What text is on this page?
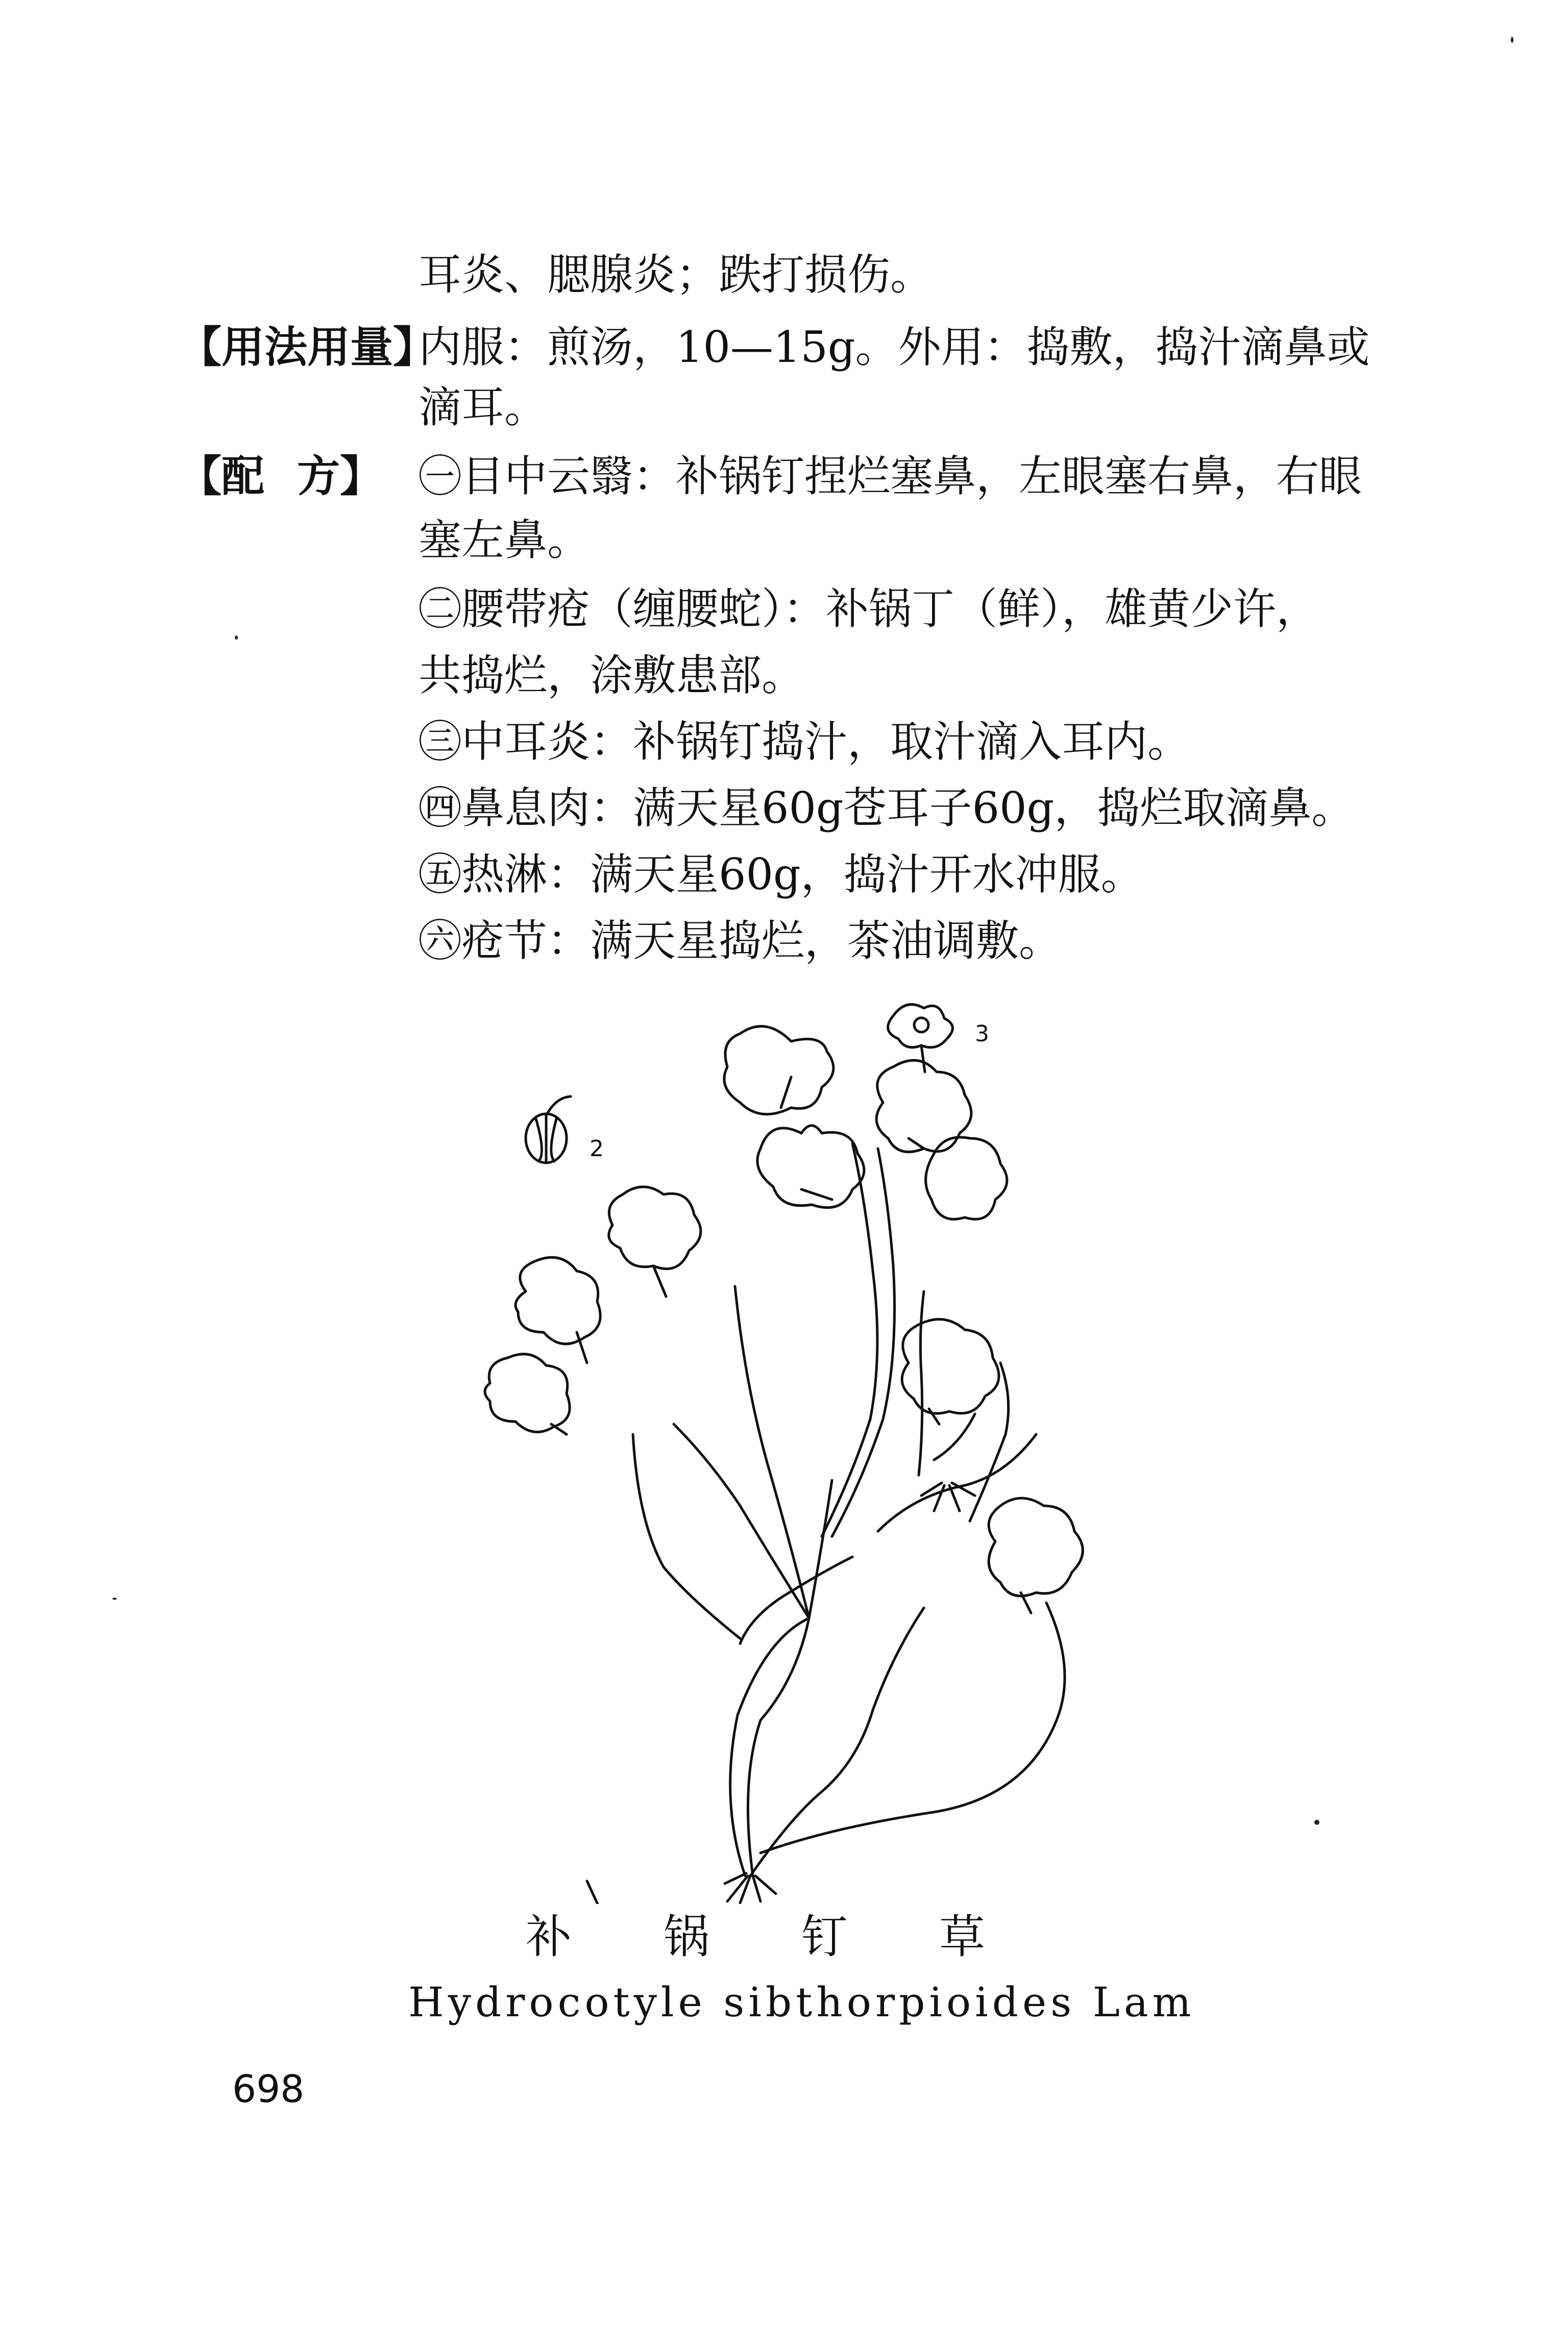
耳炎、腮腺炎；跌打损伤。
【用法用量】
内服：煎汤，10—15g。外用：捣敷，捣汁滴鼻或
滴耳。
【配 方】 ㊀目中云翳：补锅钉捏烂塞鼻，左眼塞右鼻，右眼
塞左鼻。
㊁腰带疮（缠腰蛇）：补锅丁（鲜），雄黄少许，
共捣烂，涂敷患部。
㊂中耳炎：补锅钉捣汁，取汁滴入耳内。
㊃鼻息肉：满天星60g苍耳子60g，捣烂取滴鼻。
㊄热淋：满天星60g，捣汁开水冲服。
㊅疮节：满天星捣烂，茶油调敷。
2
3
补锅钉草
Hydrocotyle sibthorpioides Lam
698
